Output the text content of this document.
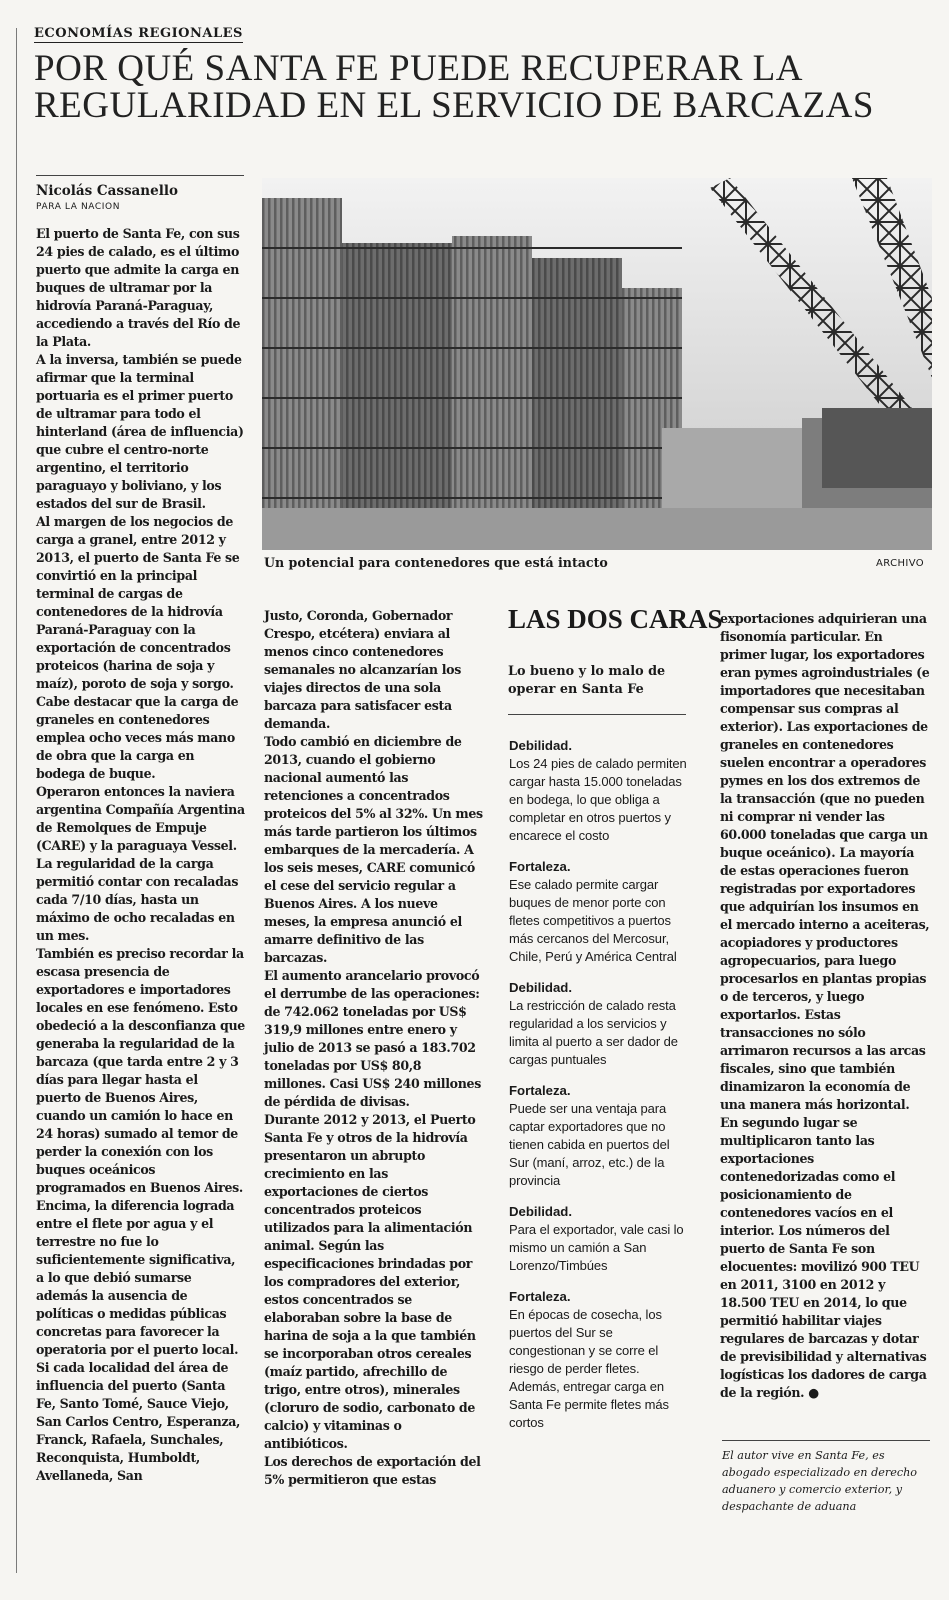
ECONOMÍAS REGIONALES
POR QUÉ SANTA FE PUEDE RECUPERAR LA
REGULARIDAD EN EL SERVICIO DE BARCAZAS
Nicolás Cassanello
PARA LA NACION

El puerto de Santa Fe, con sus 24 pies de calado, es el último puerto que admite la carga en buques de ultramar por la hidrovía Paraná-Paraguay, accediendo a través del Río de la Plata.

A la inversa, también se puede afirmar que la terminal portuaria es el primer puerto de ultramar para todo el hinterland (área de influencia) que cubre el centro-norte argentino, el territorio paraguayo y boliviano, y los estados del sur de Brasil.

Al margen de los negocios de carga a granel, entre 2012 y 2013, el puerto de Santa Fe se convirtió en la principal terminal de cargas de contenedores de la hidrovía Paraná-Paraguay con la exportación de concentrados proteicos (harina de soja y maíz), poroto de soja y sorgo.

Cabe destacar que la carga de graneles en contenedores emplea ocho veces más mano de obra que la carga en bodega de buque.

Operaron entonces la naviera argentina Compañía Argentina de Remolques de Empuje (CARE) y la paraguaya Vessel.

La regularidad de la carga permitió contar con recaladas cada 7/10 días, hasta un máximo de ocho recaladas en un mes.

También es preciso recordar la escasa presencia de exportadores e importadores locales en ese fenómeno. Esto obedeció a la desconfianza que generaba la regularidad de la barcaza (que tarda entre 2 y 3 días para llegar hasta el puerto de Buenos Aires, cuando un camión lo hace en 24 horas) sumado al temor de perder la conexión con los buques oceánicos programados en Buenos Aires. Encima, la diferencia lograda entre el flete por agua y el terrestre no fue lo suficientemente significativa, a lo que debió sumarse además la ausencia de políticas o medidas públicas concretas para favorecer la operatoria por el puerto local.

Si cada localidad del área de influencia del puerto (Santa Fe, Santo Tomé, Sauce Viejo, San Carlos Centro, Esperanza, Franck, Rafaela, Sunchales, Reconquista, Humboldt, Avellaneda, San

Un potencial para contenedores que está intacto	ARCHIVO

Justo, Coronda, Gobernador Crespo, etcétera) enviara al menos cinco contenedores semanales no alcanzarían los viajes directos de una sola barcaza para satisfacer esta demanda.

Todo cambió en diciembre de 2013, cuando el gobierno nacional aumentó las retenciones a concentrados proteicos del 5% al 32%. Un mes más tarde partieron los últimos embarques de la mercadería. A los seis meses, CARE comunicó el cese del servicio regular a Buenos Aires. A los nueve meses, la empresa anunció el amarre definitivo de las barcazas.

El aumento arancelario provocó el derrumbe de las operaciones: de 742.062 toneladas por US$ 319,9 millones entre enero y julio de 2013 se pasó a 183.702 toneladas por US$ 80,8 millones. Casi US$ 240 millones de pérdida de divisas.

Durante 2012 y 2013, el Puerto Santa Fe y otros de la hidrovía presentaron un abrupto crecimiento en las exportaciones de ciertos concentrados proteicos utilizados para la alimentación animal. Según las especificaciones brindadas por los compradores del exterior, estos concentrados se elaboraban sobre la base de harina de soja a la que también se incorporaban otros cereales (maíz partido, afrechillo de trigo, entre otros), minerales (cloruro de sodio, carbonato de calcio) y vitaminas o antibióticos.

Los derechos de exportación del 5% permitieron que estas

LAS DOS CARAS
Lo bueno y lo malo de operar en Santa Fe
Debilidad.
Los 24 pies de calado permiten cargar hasta 15.000 toneladas en bodega, lo que obliga a completar en otros puertos y encarece el costo
Fortaleza.
Ese calado permite cargar buques de menor porte con fletes competitivos a puertos más cercanos del Mercosur, Chile, Perú y América Central
Debilidad.
La restricción de calado resta regularidad a los servicios y limita al puerto a ser dador de cargas puntuales
Fortaleza.
Puede ser una ventaja para captar exportadores que no tienen cabida en puertos del Sur (maní, arroz, etc.) de la provincia
Debilidad.
Para el exportador, vale casi lo mismo un camión a San Lorenzo/Timbúes
Fortaleza.
En épocas de cosecha, los puertos del Sur se congestionan y se corre el riesgo de perder fletes. Además, entregar carga en Santa Fe permite fletes más cortos

exportaciones adquirieran una fisonomía particular. En primer lugar, los exportadores eran pymes agroindustriales (e importadores que necesitaban compensar sus compras al exterior). Las exportaciones de graneles en contenedores suelen encontrar a operadores pymes en los dos extremos de la transacción (que no pueden ni comprar ni vender las 60.000 toneladas que carga un buque oceánico). La mayoría de estas operaciones fueron registradas por exportadores que adquirían los insumos en el mercado interno a aceiteras, acopiadores y productores agropecuarios, para luego procesarlos en plantas propias o de terceros, y luego exportarlos. Estas transacciones no sólo arrimaron recursos a las arcas fiscales, sino que también dinamizaron la economía de una manera más horizontal.

En segundo lugar se multiplicaron tanto las exportaciones contenedorizadas como el posicionamiento de contenedores vacíos en el interior. Los números del puerto de Santa Fe son elocuentes: movilizó 900 TEU en 2011, 3100 en 2012 y 18.500 TEU en 2014, lo que permitió habilitar viajes regulares de barcazas y dotar de previsibilidad y alternativas logísticas los dadores de carga de la región. ●

El autor vive en Santa Fe, es abogado especializado en derecho aduanero y comercio exterior, y despachante de aduana
